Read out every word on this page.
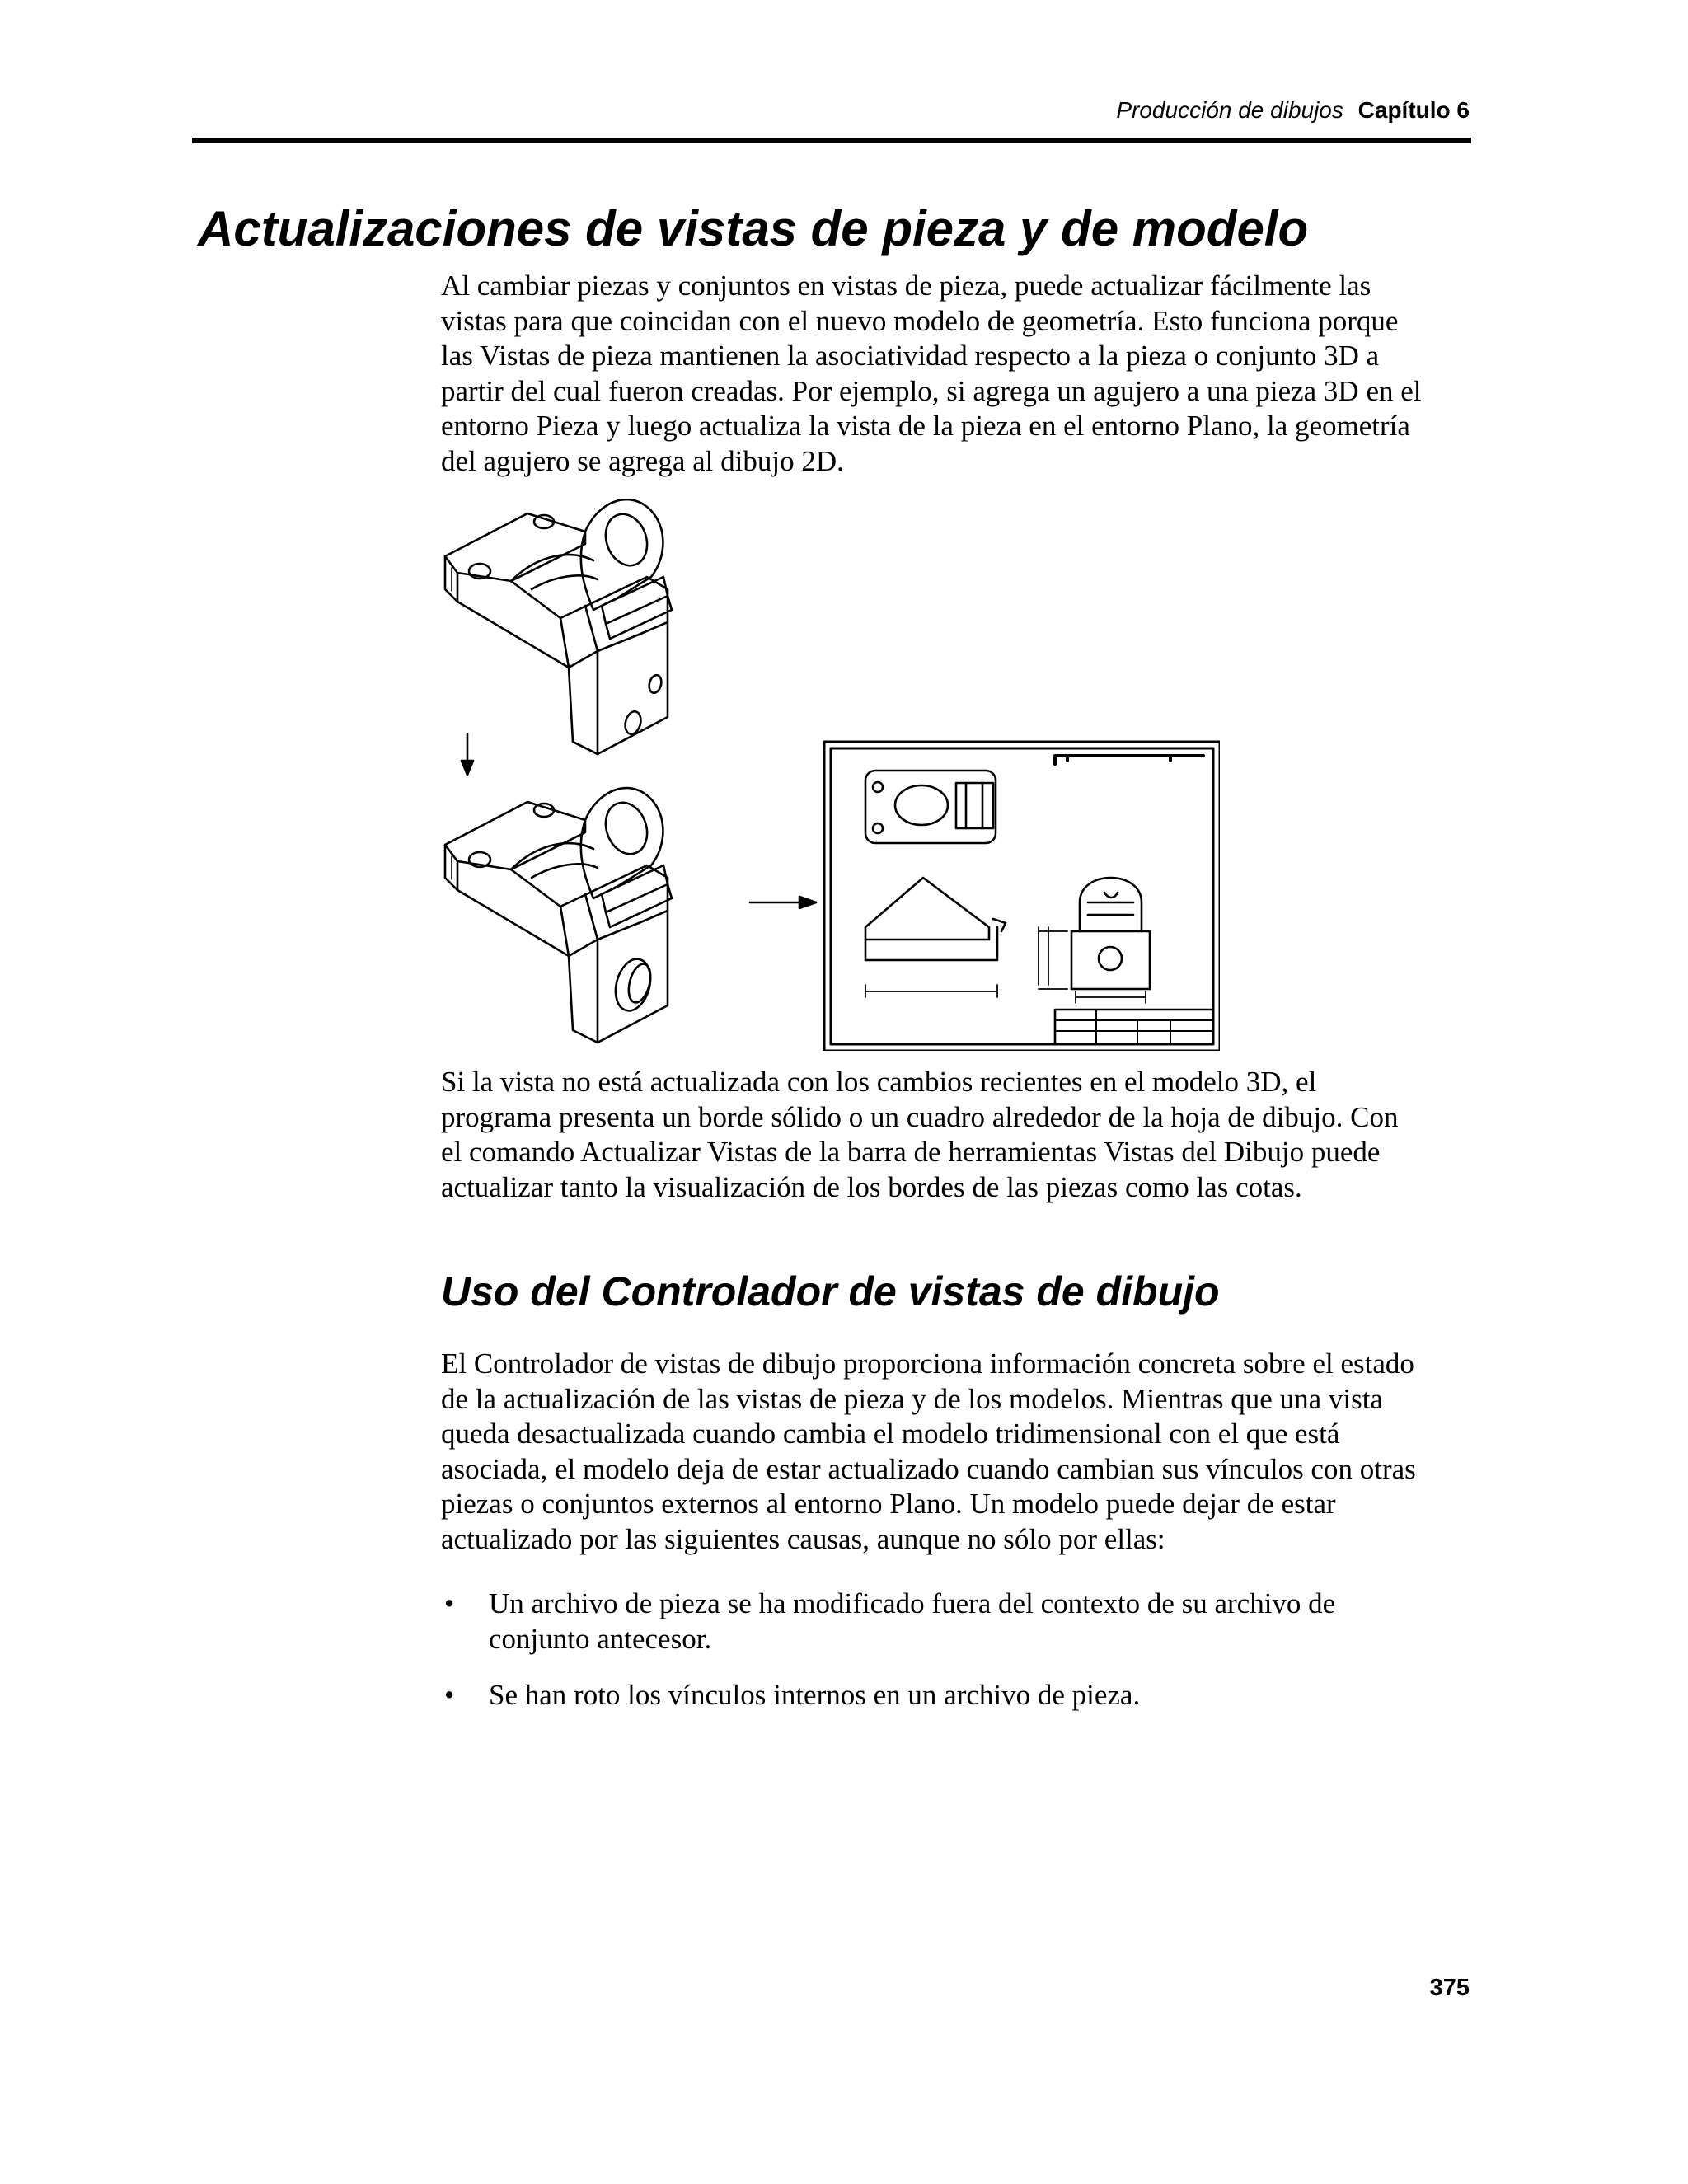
Producción de dibujos Capítulo 6
Actualizaciones de vistas de pieza y de modelo
Al cambiar piezas y conjuntos en vistas de pieza, puede actualizar fácilmente las
vistas para que coincidan con el nuevo modelo de geometría. Esto funciona porque
las Vistas de pieza mantienen la asociatividad respecto a la pieza o conjunto 3D a
partir del cual fueron creadas. Por ejemplo, si agrega un agujero a una pieza 3D en el
entorno Pieza y luego actualiza la vista de la pieza en el entorno Plano, la geometría
del agujero se agrega al dibujo 2D.
Si la vista no está actualizada con los cambios recientes en el modelo 3D, el
programa presenta un borde sólido o un cuadro alrededor de la hoja de dibujo. Con
el comando Actualizar Vistas de la barra de herramientas Vistas del Dibujo puede
actualizar tanto la visualización de los bordes de las piezas como las cotas.
Uso del Controlador de vistas de dibujo
El Controlador de vistas de dibujo proporciona información concreta sobre el estado
de la actualización de las vistas de pieza y de los modelos. Mientras que una vista
queda desactualizada cuando cambia el modelo tridimensional con el que está
asociada, el modelo deja de estar actualizado cuando cambian sus vínculos con otras
piezas o conjuntos externos al entorno Plano. Un modelo puede dejar de estar
actualizado por las siguientes causas, aunque no sólo por ellas:
• Un archivo de pieza se ha modificado fuera del contexto de su archivo de
conjunto antecesor.
• Se han roto los vínculos internos en un archivo de pieza.
375
